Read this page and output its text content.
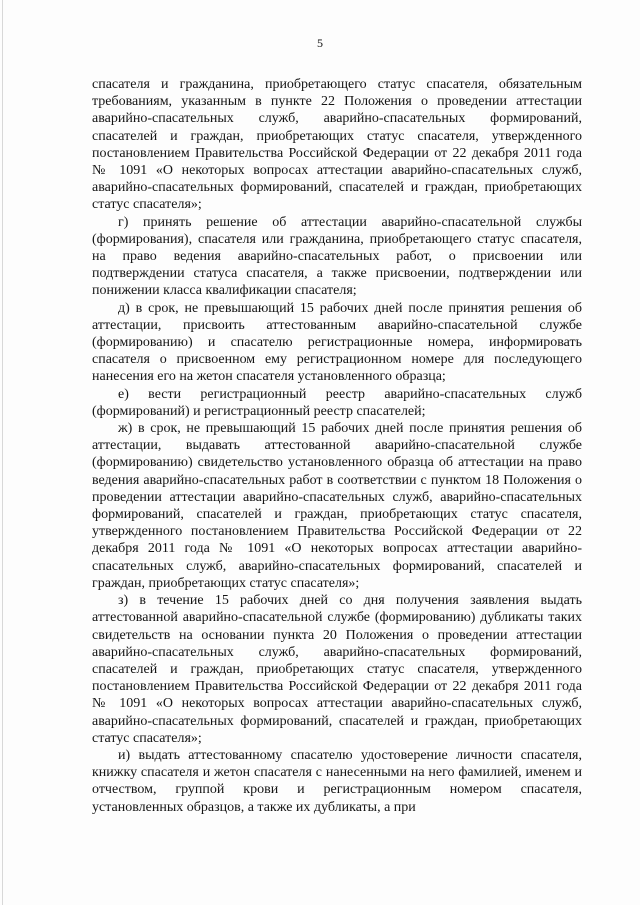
5

спасателя и гражданина, приобретающего статус спасателя, обязательным требованиям, указанным в пункте 22 Положения о проведении аттестации аварийно-спасательных служб, аварийно-спасательных формирований, спасателей и граждан, приобретающих статус спасателя, утвержденного постановлением Правительства Российской Федерации от 22 декабря 2011 года № 1091 «О некоторых вопросах аттестации аварийно-спасательных служб, аварийно-спасательных формирований, спасателей и граждан, приобретающих статус спасателя»;

г) принять решение об аттестации аварийно-спасательной службы (формирования), спасателя или гражданина, приобретающего статус спасателя, на право ведения аварийно-спасательных работ, о присвоении или подтверждении статуса спасателя, а также присвоении, подтверждении или понижении класса квалификации спасателя;

д) в срок, не превышающий 15 рабочих дней после принятия решения об аттестации, присвоить аттестованным аварийно-спасательной службе (формированию) и спасателю регистрационные номера, информировать спасателя о присвоенном ему регистрационном номере для последующего нанесения его на жетон спасателя установленного образца;

е) вести регистрационный реестр аварийно-спасательных служб (формирований) и регистрационный реестр спасателей;

ж) в срок, не превышающий 15 рабочих дней после принятия решения об аттестации, выдавать аттестованной аварийно-спасательной службе (формированию) свидетельство установленного образца об аттестации на право ведения аварийно-спасательных работ в соответствии с пунктом 18 Положения о проведении аттестации аварийно-спасательных служб, аварийно-спасательных формирований, спасателей и граждан, приобретающих статус спасателя, утвержденного постановлением Правительства Российской Федерации от 22 декабря 2011 года № 1091 «О некоторых вопросах аттестации аварийно-спасательных служб, аварийно-спасательных формирований, спасателей и граждан, приобретающих статус спасателя»;

з) в течение 15 рабочих дней со дня получения заявления выдать аттестованной аварийно-спасательной службе (формированию) дубликаты таких свидетельств на основании пункта 20 Положения о проведении аттестации аварийно-спасательных служб, аварийно-спасательных формирований, спасателей и граждан, приобретающих статус спасателя, утвержденного постановлением Правительства Российской Федерации от 22 декабря 2011 года № 1091 «О некоторых вопросах аттестации аварийно-спасательных служб, аварийно-спасательных формирований, спасателей и граждан, приобретающих статус спасателя»;

и) выдать аттестованному спасателю удостоверение личности спасателя, книжку спасателя и жетон спасателя с нанесенными на него фамилией, именем и отчеством, группой крови и регистрационным номером спасателя, установленных образцов, а также их дубликаты, а при
